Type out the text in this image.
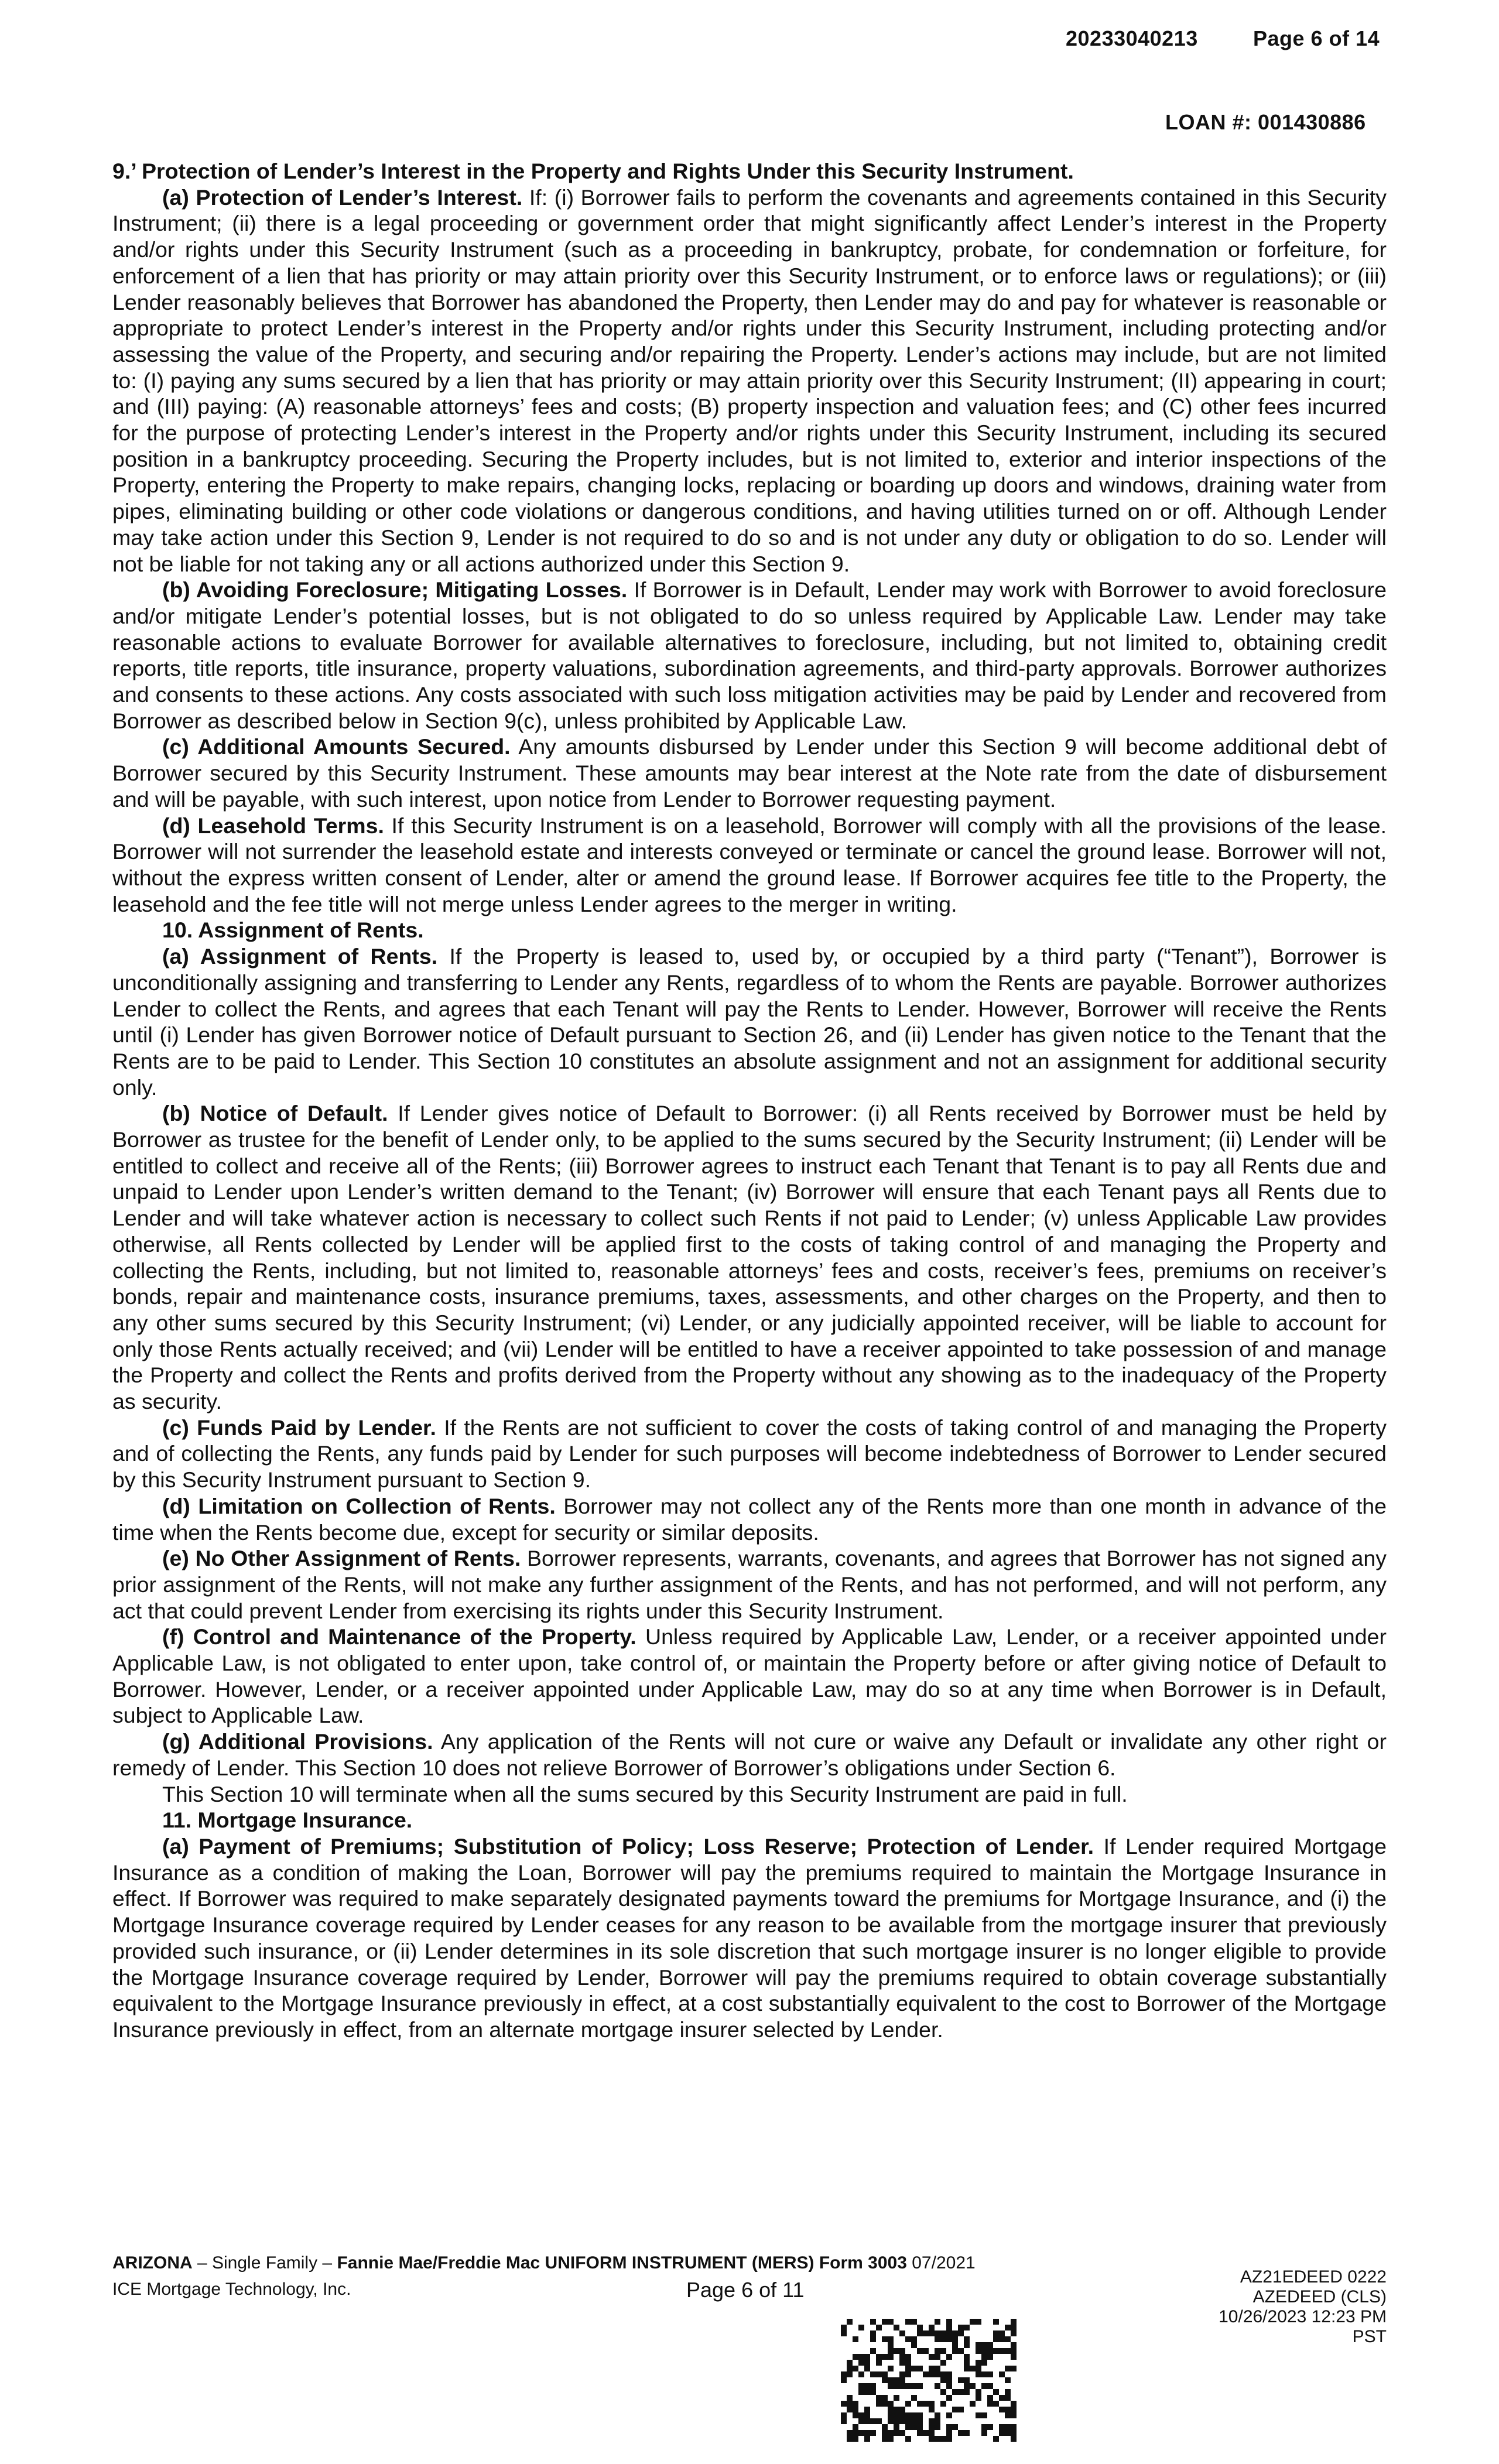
20233040213	Page 6 of 14
LOAN #: 001430886

9.’ Protection of Lender’s Interest in the Property and Rights Under this Security Instrument.

(a) Protection of Lender’s Interest. If: (i) Borrower fails to perform the covenants and agreements contained in this Security Instrument; (ii) there is a legal proceeding or government order that might significantly affect Lender’s interest in the Property and/or rights under this Security Instrument (such as a proceeding in bankruptcy, probate, for condemnation or forfeiture, for enforcement of a lien that has priority or may attain priority over this Security Instrument, or to enforce laws or regulations); or (iii) Lender reasonably believes that Borrower has abandoned the Property, then Lender may do and pay for whatever is reasonable or appropriate to protect Lender’s interest in the Property and/or rights under this Security Instrument, including protecting and/or assessing the value of the Property, and securing and/or repairing the Property. Lender’s actions may include, but are not limited to: (I) paying any sums secured by a lien that has priority or may attain priority over this Security Instrument; (II) appearing in court; and (III) paying: (A) reasonable attorneys’ fees and costs; (B) property inspection and valuation fees; and (C) other fees incurred for the purpose of protecting Lender’s interest in the Property and/or rights under this Security Instrument, including its secured position in a bankruptcy proceeding. Securing the Property includes, but is not limited to, exterior and interior inspections of the Property, entering the Property to make repairs, changing locks, replacing or boarding up doors and windows, draining water from pipes, eliminating building or other code violations or dangerous conditions, and having utilities turned on or off. Although Lender may take action under this Section 9, Lender is not required to do so and is not under any duty or obligation to do so. Lender will not be liable for not taking any or all actions authorized under this Section 9.

(b) Avoiding Foreclosure; Mitigating Losses. If Borrower is in Default, Lender may work with Borrower to avoid foreclosure and/or mitigate Lender’s potential losses, but is not obligated to do so unless required by Applicable Law. Lender may take reasonable actions to evaluate Borrower for available alternatives to foreclosure, including, but not limited to, obtaining credit reports, title reports, title insurance, property valuations, subordination agreements, and third-party approvals. Borrower authorizes and consents to these actions. Any costs associated with such loss mitigation activities may be paid by Lender and recovered from Borrower as described below in Section 9(c), unless prohibited by Applicable Law.

(c) Additional Amounts Secured. Any amounts disbursed by Lender under this Section 9 will become additional debt of Borrower secured by this Security Instrument. These amounts may bear interest at the Note rate from the date of disbursement and will be payable, with such interest, upon notice from Lender to Borrower requesting payment.

(d) Leasehold Terms. If this Security Instrument is on a leasehold, Borrower will comply with all the provisions of the lease. Borrower will not surrender the leasehold estate and interests conveyed or terminate or cancel the ground lease. Borrower will not, without the express written consent of Lender, alter or amend the ground lease. If Borrower acquires fee title to the Property, the leasehold and the fee title will not merge unless Lender agrees to the merger in writing.

10. Assignment of Rents.

(a) Assignment of Rents. If the Property is leased to, used by, or occupied by a third party (“Tenant”), Borrower is unconditionally assigning and transferring to Lender any Rents, regardless of to whom the Rents are payable. Borrower authorizes Lender to collect the Rents, and agrees that each Tenant will pay the Rents to Lender. However, Borrower will receive the Rents until (i) Lender has given Borrower notice of Default pursuant to Section 26, and (ii) Lender has given notice to the Tenant that the Rents are to be paid to Lender. This Section 10 constitutes an absolute assignment and not an assignment for additional security only.

(b) Notice of Default. If Lender gives notice of Default to Borrower: (i) all Rents received by Borrower must be held by Borrower as trustee for the benefit of Lender only, to be applied to the sums secured by the Security Instrument; (ii) Lender will be entitled to collect and receive all of the Rents; (iii) Borrower agrees to instruct each Tenant that Tenant is to pay all Rents due and unpaid to Lender upon Lender’s written demand to the Tenant; (iv) Borrower will ensure that each Tenant pays all Rents due to Lender and will take whatever action is necessary to collect such Rents if not paid to Lender; (v) unless Applicable Law provides otherwise, all Rents collected by Lender will be applied first to the costs of taking control of and managing the Property and collecting the Rents, including, but not limited to, reasonable attorneys’ fees and costs, receiver’s fees, premiums on receiver’s bonds, repair and maintenance costs, insurance premiums, taxes, assessments, and other charges on the Property, and then to any other sums secured by this Security Instrument; (vi) Lender, or any judicially appointed receiver, will be liable to account for only those Rents actually received; and (vii) Lender will be entitled to have a receiver appointed to take possession of and manage the Property and collect the Rents and profits derived from the Property without any showing as to the inadequacy of the Property as security.

(c) Funds Paid by Lender. If the Rents are not sufficient to cover the costs of taking control of and managing the Property and of collecting the Rents, any funds paid by Lender for such purposes will become indebtedness of Borrower to Lender secured by this Security Instrument pursuant to Section 9.

(d) Limitation on Collection of Rents. Borrower may not collect any of the Rents more than one month in advance of the time when the Rents become due, except for security or similar deposits.

(e) No Other Assignment of Rents. Borrower represents, warrants, covenants, and agrees that Borrower has not signed any prior assignment of the Rents, will not make any further assignment of the Rents, and has not performed, and will not perform, any act that could prevent Lender from exercising its rights under this Security Instrument.

(f) Control and Maintenance of the Property. Unless required by Applicable Law, Lender, or a receiver appointed under Applicable Law, is not obligated to enter upon, take control of, or maintain the Property before or after giving notice of Default to Borrower. However, Lender, or a receiver appointed under Applicable Law, may do so at any time when Borrower is in Default, subject to Applicable Law.

(g) Additional Provisions. Any application of the Rents will not cure or waive any Default or invalidate any other right or remedy of Lender. This Section 10 does not relieve Borrower of Borrower’s obligations under Section 6.

This Section 10 will terminate when all the sums secured by this Security Instrument are paid in full.

11. Mortgage Insurance.

(a) Payment of Premiums; Substitution of Policy; Loss Reserve; Protection of Lender. If Lender required Mortgage Insurance as a condition of making the Loan, Borrower will pay the premiums required to maintain the Mortgage Insurance in effect. If Borrower was required to make separately designated payments toward the premiums for Mortgage Insurance, and (i) the Mortgage Insurance coverage required by Lender ceases for any reason to be available from the mortgage insurer that previously provided such insurance, or (ii) Lender determines in its sole discretion that such mortgage insurer is no longer eligible to provide the Mortgage Insurance coverage required by Lender, Borrower will pay the premiums required to obtain coverage substantially equivalent to the Mortgage Insurance previously in effect, at a cost substantially equivalent to the cost to Borrower of the Mortgage Insurance previously in effect, from an alternate mortgage insurer selected by Lender.

ARIZONA – Single Family – Fannie Mae/Freddie Mac UNIFORM INSTRUMENT (MERS) Form 3003 07/2021
ICE Mortgage Technology, Inc.	Page 6 of 11
AZ21EDEED 0222
AZEDEED (CLS)
10/26/2023 12:23 PM PST
